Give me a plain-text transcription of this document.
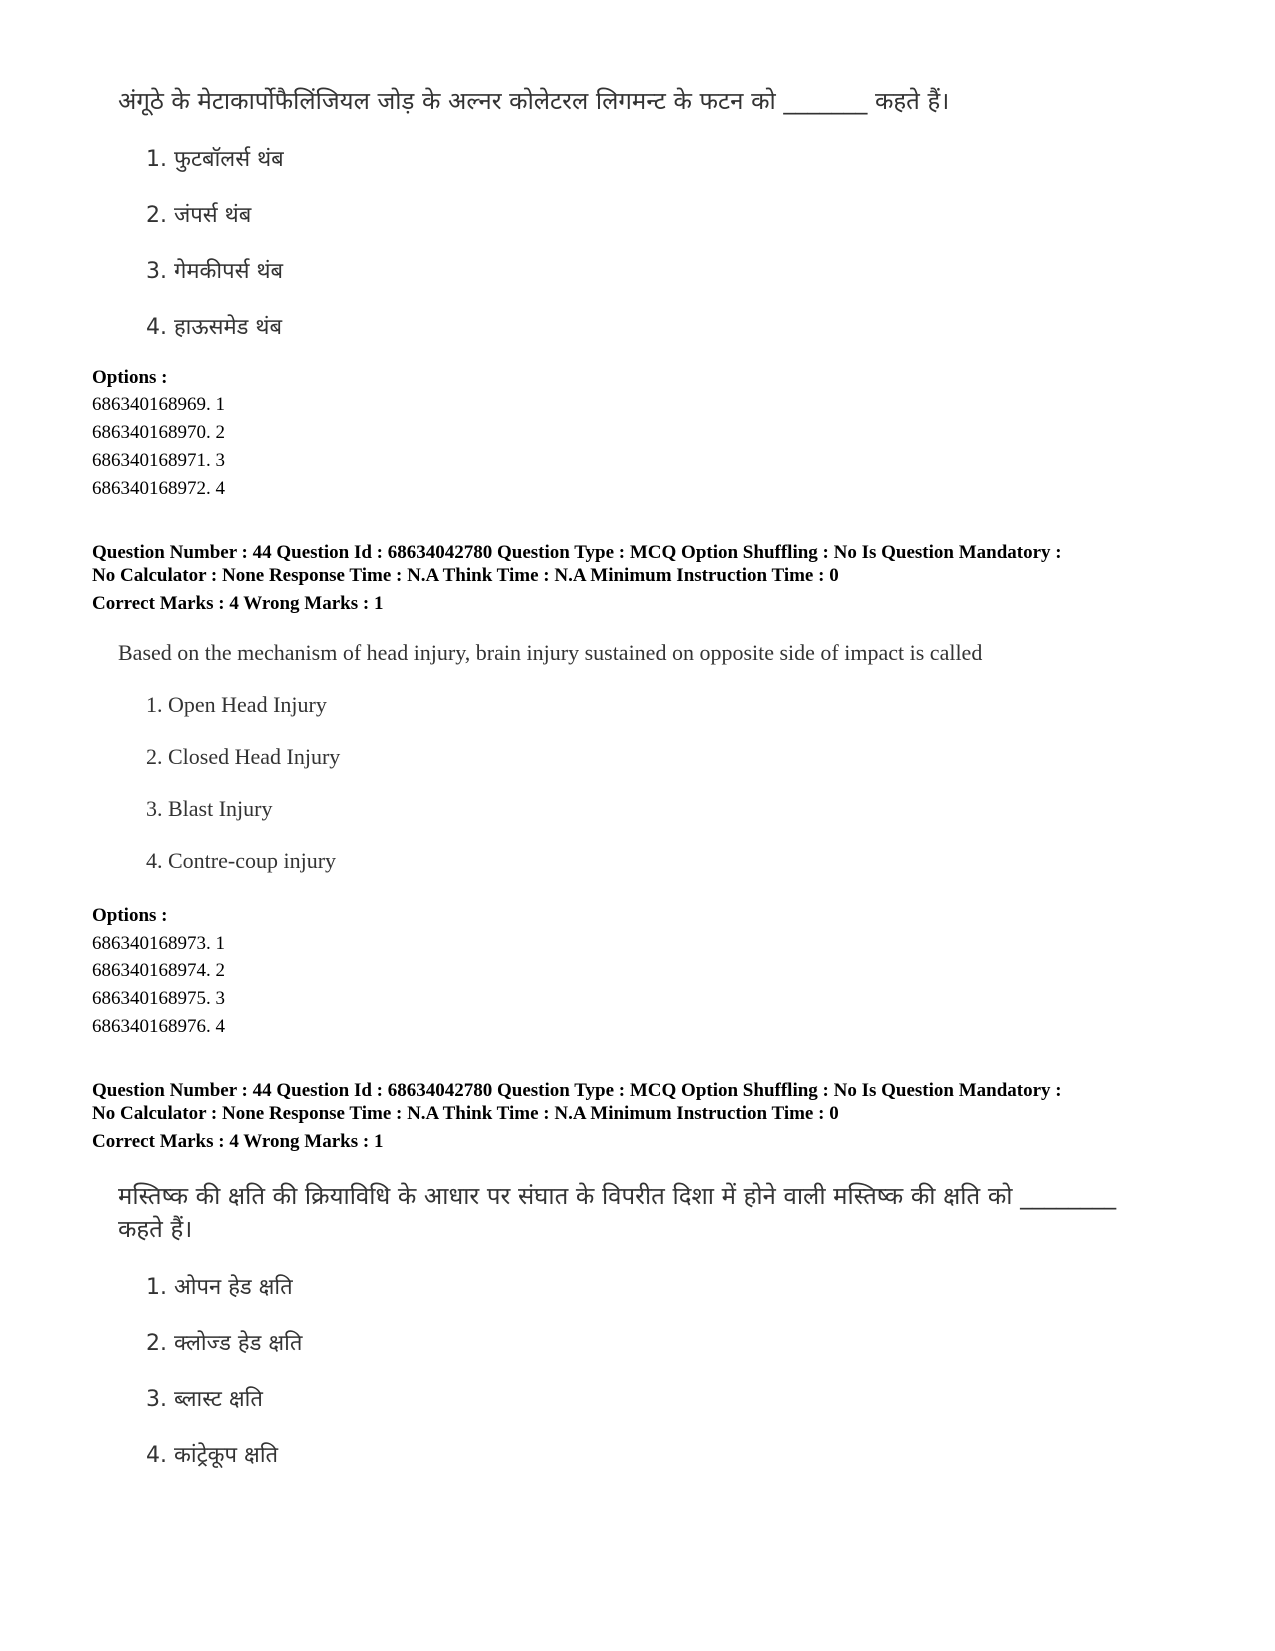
अंगूठे के मेटाकार्पोफैलिंजियल जोड़ के अल्नर कोलेटरल लिगमन्ट के फटन को _______ कहते हैं।
1. फुटबॉलर्स थंब
2. जंपर्स थंब
3. गेमकीपर्स थंब
4. हाऊसमेड थंब
Options :
686340168969. 1
686340168970. 2
686340168971. 3
686340168972. 4
Question Number : 44 Question Id : 68634042780 Question Type : MCQ Option Shuffling : No Is Question Mandatory :
No Calculator : None Response Time : N.A Think Time : N.A Minimum Instruction Time : 0
Correct Marks : 4 Wrong Marks : 1
Based on the mechanism of head injury, brain injury sustained on opposite side of impact is called
1. Open Head Injury
2. Closed Head Injury
3. Blast Injury
4. Contre-coup injury
Options :
686340168973. 1
686340168974. 2
686340168975. 3
686340168976. 4
Question Number : 44 Question Id : 68634042780 Question Type : MCQ Option Shuffling : No Is Question Mandatory :
No Calculator : None Response Time : N.A Think Time : N.A Minimum Instruction Time : 0
Correct Marks : 4 Wrong Marks : 1
मस्तिष्क की क्षति की क्रियाविधि के आधार पर संघात के विपरीत दिशा में होने वाली मस्तिष्क की क्षति को ________ कहते हैं।
1. ओपन हेड क्षति
2. क्लोज्ड हेड क्षति
3. ब्लास्ट क्षति
4. कांट्रेकूप क्षति
